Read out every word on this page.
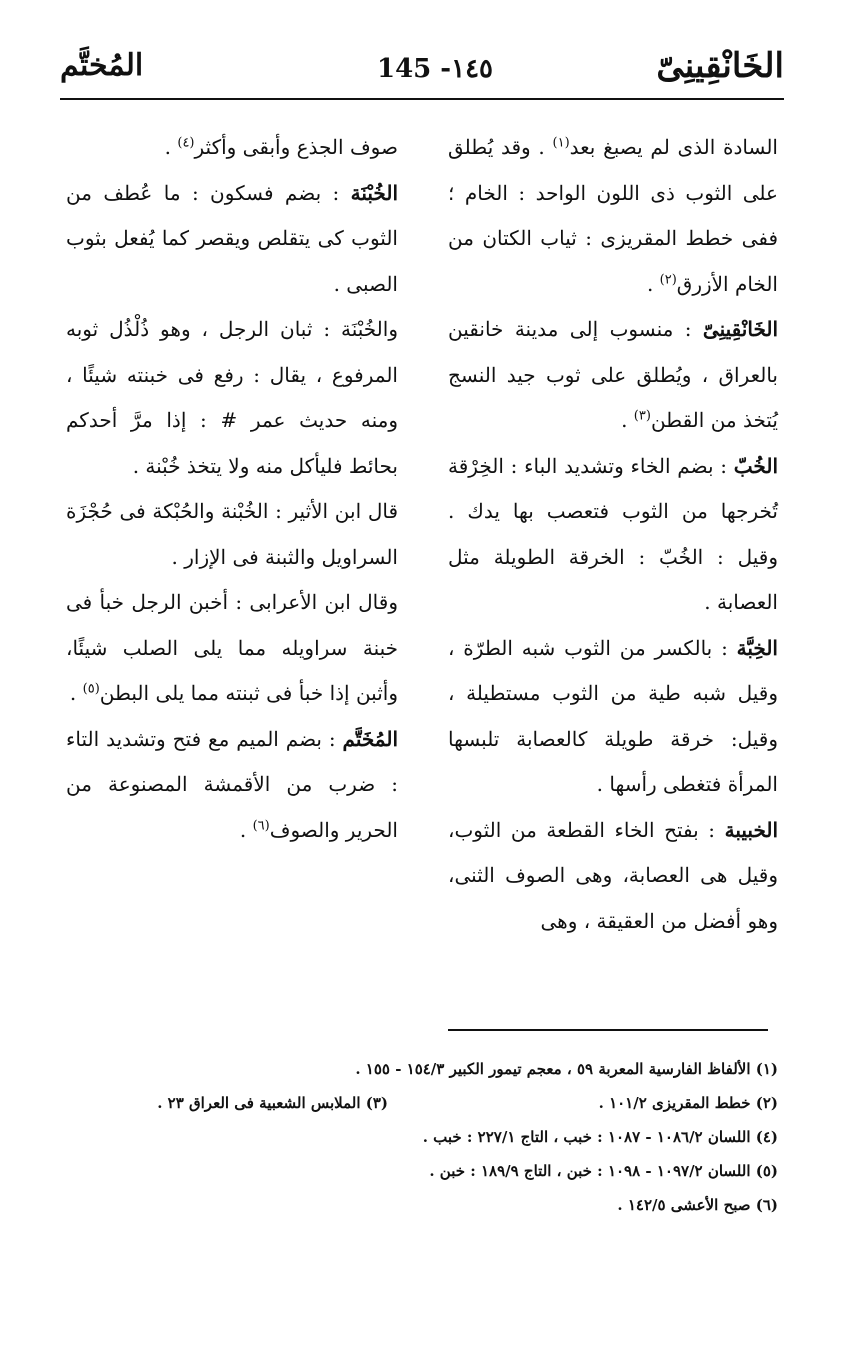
الخَانْقِينِىّ
145 -١٤٥
المُختَّم

السادة الذى لم يصبغ بعد$^{(١)}$ . وقد يُطلق على الثوب ذى اللون الواحد : الخام ؛ ففى خطط المقريزى : ثياب الكتان من الخام الأزرق$^{(٢)}$ .

الخَانْقِينِىّ : منسوب إلى مدينة خانقين بالعراق ، ويُطلق على ثوب جيد النسج يُتخذ من القطن$^{(٣)}$ .

الخُبّ : بضم الخاء وتشديد الباء : الخِرْقة تُخرجها من الثوب فتعصب بها يدك . وقيل : الخُبّ : الخرقة الطويلة مثل العصابة .

الخِبَّة : بالكسر من الثوب شبه الطرّة ، وقيل شبه طية من الثوب مستطيلة ، وقيل: خرقة طويلة كالعصابة تلبسها المرأة فتغطى رأسها .

الخبيبة : بفتح الخاء القطعة من الثوب، وقيل هى العصابة، وهى الصوف الثنى، وهو أفضل من العقيقة ، وهى

صوف الجذع وأبقى وأكثر$^{(٤)}$ .

الخُبْنَة : بضم فسكون : ما عُطف من الثوب كى يتقلص ويقصر كما يُفعل بثوب الصبى .

والخُبْنَة : ثبان الرجل ، وهو ذُلْذُل ثوبه المرفوع ، يقال : رفع فى خبنته شيئًا ، ومنه حديث عمر # : إذا مرَّ أحدكم بحائط فليأكل منه ولا يتخذ خُبْنة .

قال ابن الأثير : الخُبْنة والحُبْكة فى حُجْزَة السراويل والثبنة فى الإزار .

وقال ابن الأعرابى : أخبن الرجل خبأ فى خبنة سراويله مما يلى الصلب شيئًا، وأثبن إذا خبأ فى ثبنته مما يلى البطن$^{(٥)}$ .

المُخَتَّم : بضم الميم مع فتح وتشديد التاء : ضرب من الأقمشة المصنوعة من الحرير والصوف$^{(٦)}$ .

(١) الألفاظ الفارسية المعربة ٥٩ ، معجم تيمور الكبير ١٥٤/٣ - ١٥٥ .
(٢) خطط المقريزى ١٠١/٢ .
(٣) الملابس الشعبية فى العراق ٢٣ .
(٤) اللسان ١٠٨٦/٢ - ١٠٨٧ : خبب ، التاج ٢٢٧/١ : خبب .
(٥) اللسان ١٠٩٧/٢ - ١٠٩٨ : خبن ، التاج ١٨٩/٩ : خبن .
(٦) صبح الأعشى ١٤٢/٥ .
